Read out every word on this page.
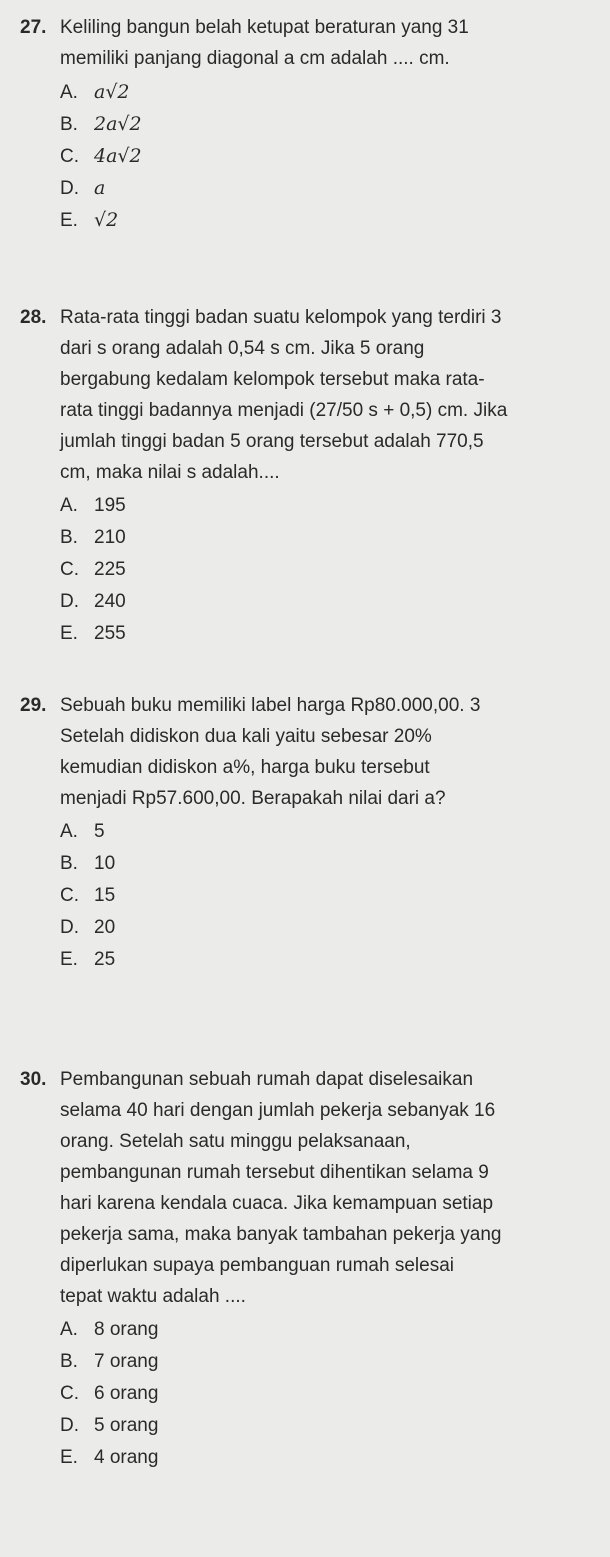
27. Keliling bangun belah ketupat beraturan yang 31
memiliki panjang diagonal a cm adalah .... cm.
A. a√2
B. 2a√2
C. 4a√2
D. a
E. √2
28. Rata-rata tinggi badan suatu kelompok yang terdiri 3
dari s orang adalah 0,54 s cm. Jika 5 orang
bergabung kedalam kelompok tersebut maka rata-
rata tinggi badannya menjadi (27/50 s + 0,5) cm. Jika
jumlah tinggi badan 5 orang tersebut adalah 770,5
cm, maka nilai s adalah....
A. 195
B. 210
C. 225
D. 240
E. 255
29. Sebuah buku memiliki label harga Rp80.000,00. 3
Setelah didiskon dua kali yaitu sebesar 20%
kemudian didiskon a%, harga buku tersebut
menjadi Rp57.600,00. Berapakah nilai dari a?
A. 5
B. 10
C. 15
D. 20
E. 25
30. Pembangunan sebuah rumah dapat diselesaikan
selama 40 hari dengan jumlah pekerja sebanyak 16
orang. Setelah satu minggu pelaksanaan,
pembangunan rumah tersebut dihentikan selama 9
hari karena kendala cuaca. Jika kemampuan setiap
pekerja sama, maka banyak tambahan pekerja yang
diperlukan supaya pembanguan rumah selesai
tepat waktu adalah ....
A. 8 orang
B. 7 orang
C. 6 orang
D. 5 orang
E. 4 orang
